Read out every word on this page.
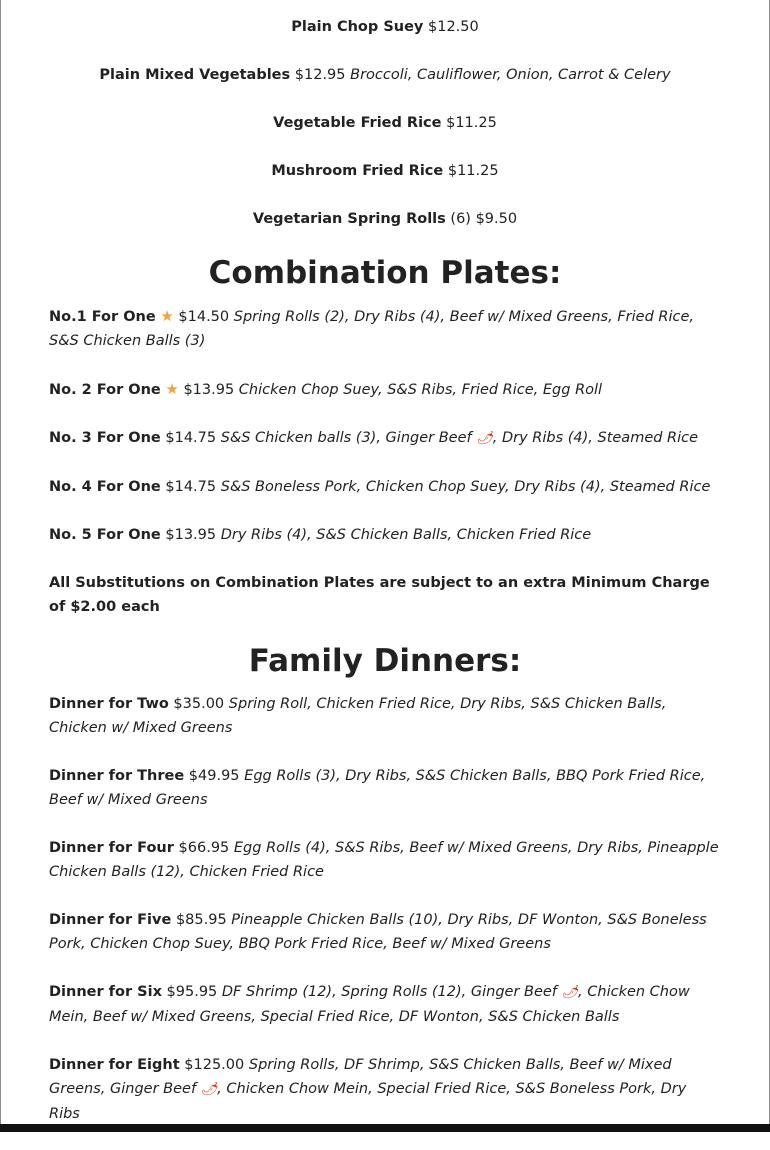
Plain Chop Suey $12.50
Plain Mixed Vegetables $12.95 Broccoli, Cauliflower, Onion, Carrot & Celery
Vegetable Fried Rice $11.25
Mushroom Fried Rice $11.25
Vegetarian Spring Rolls (6) $9.50
Combination Plates:
No.1 For One ★ $14.50 Spring Rolls (2), Dry Ribs (4), Beef w/ Mixed Greens, Fried Rice, S&S Chicken Balls (3)
No. 2 For One ★ $13.95 Chicken Chop Suey, S&S Ribs, Fried Rice, Egg Roll
No. 3 For One $14.75 S&S Chicken balls (3), Ginger Beef 🌶, Dry Ribs (4), Steamed Rice
No. 4 For One $14.75 S&S Boneless Pork, Chicken Chop Suey, Dry Ribs (4), Steamed Rice
No. 5 For One $13.95 Dry Ribs (4), S&S Chicken Balls, Chicken Fried Rice
All Substitutions on Combination Plates are subject to an extra Minimum Charge of $2.00 each
Family Dinners:
Dinner for Two $35.00 Spring Roll, Chicken Fried Rice, Dry Ribs, S&S Chicken Balls, Chicken w/ Mixed Greens
Dinner for Three $49.95 Egg Rolls (3), Dry Ribs, S&S Chicken Balls, BBQ Pork Fried Rice, Beef w/ Mixed Greens
Dinner for Four $66.95 Egg Rolls (4), S&S Ribs, Beef w/ Mixed Greens, Dry Ribs, Pineapple Chicken Balls (12), Chicken Fried Rice
Dinner for Five $85.95 Pineapple Chicken Balls (10), Dry Ribs, DF Wonton, S&S Boneless Pork, Chicken Chop Suey, BBQ Pork Fried Rice, Beef w/ Mixed Greens
Dinner for Six $95.95 DF Shrimp (12), Spring Rolls (12), Ginger Beef 🌶, Chicken Chow Mein, Beef w/ Mixed Greens, Special Fried Rice, DF Wonton, S&S Chicken Balls
Dinner for Eight $125.00 Spring Rolls, DF Shrimp, S&S Chicken Balls, Beef w/ Mixed Greens, Ginger Beef 🌶, Chicken Chow Mein, Special Fried Rice, S&S Boneless Pork, Dry Ribs
